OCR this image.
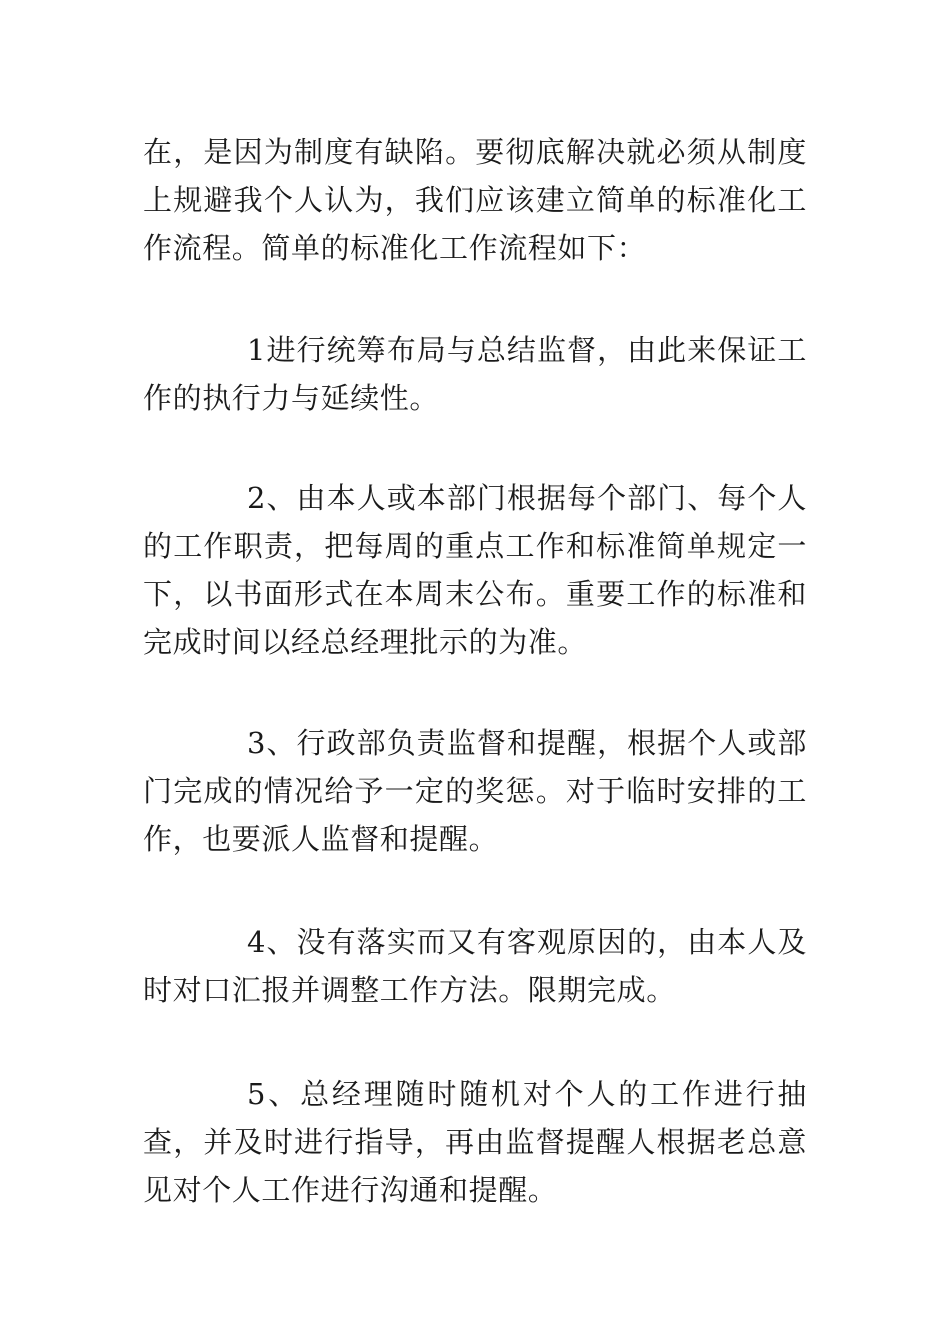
在，是因为制度有缺陷。要彻底解决就必须从制度上规避我个人认为，我们应该建立简单的标准化工作流程。简单的标准化工作流程如下：

1进行统筹布局与总结监督，由此来保证工作的执行力与延续性。

2、由本人或本部门根据每个部门、每个人的工作职责，把每周的重点工作和标准简单规定一下，以书面形式在本周末公布。重要工作的标准和完成时间以经总经理批示的为准。

3、行政部负责监督和提醒，根据个人或部门完成的情况给予一定的奖惩。对于临时安排的工作，也要派人监督和提醒。

4、没有落实而又有客观原因的，由本人及时对口汇报并调整工作方法。限期完成。

5、总经理随时随机对个人的工作进行抽查，并及时进行指导，再由监督提醒人根据老总意见对个人工作进行沟通和提醒。
